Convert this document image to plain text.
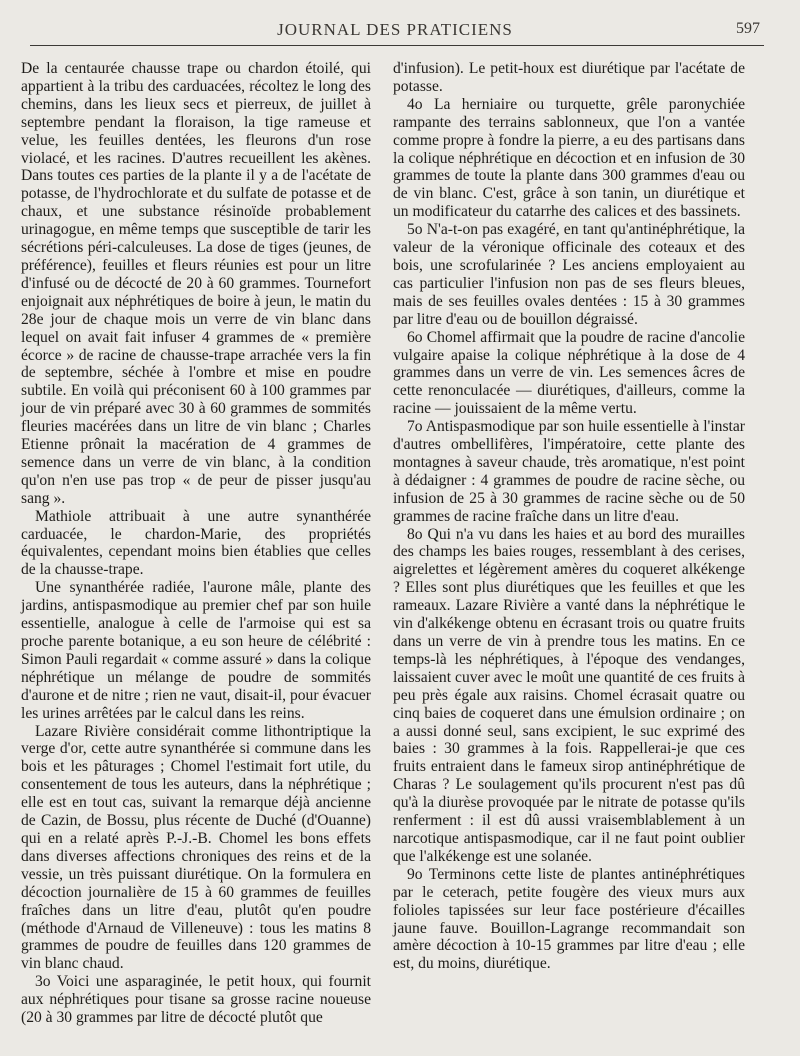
JOURNAL DES PRATICIENS	597

De la centaurée chausse trape ou chardon étoilé, qui appartient à la tribu des carduacées, récoltez le long des chemins, dans les lieux secs et pierreux, de juillet à septembre pendant la floraison, la tige rameuse et velue, les feuilles dentées, les fleurons d'un rose violacé, et les racines. D'autres recueillent les akènes. Dans toutes ces parties de la plante il y a de l'acétate de potasse, de l'hydrochlorate et du sulfate de potasse et de chaux, et une substance résinoïde probablement urinagogue, en même temps que susceptible de tarir les sécrétions péri-calculeuses. La dose de tiges (jeunes, de préférence), feuilles et fleurs réunies est pour un litre d'infusé ou de décocté de 20 à 60 grammes. Tournefort enjoignait aux néphrétiques de boire à jeun, le matin du 28e jour de chaque mois un verre de vin blanc dans lequel on avait fait infuser 4 grammes de « première écorce » de racine de chausse-trape arrachée vers la fin de septembre, séchée à l'ombre et mise en poudre subtile. En voilà qui préconisent 60 à 100 grammes par jour de vin préparé avec 30 à 60 grammes de sommités fleuries macérées dans un litre de vin blanc ; Charles Etienne prônait la macération de 4 grammes de semence dans un verre de vin blanc, à la condition qu'on n'en use pas trop « de peur de pisser jusqu'au sang ».

Mathiole attribuait à une autre synanthérée carduacée, le chardon-Marie, des propriétés équivalentes, cependant moins bien établies que celles de la chausse-trape.

Une synanthérée radiée, l'aurone mâle, plante des jardins, antispasmodique au premier chef par son huile essentielle, analogue à celle de l'armoise qui est sa proche parente botanique, a eu son heure de célébrité : Simon Pauli regardait « comme assuré » dans la colique néphrétique un mélange de poudre de sommités d'aurone et de nitre ; rien ne vaut, disait-il, pour évacuer les urines arrêtées par le calcul dans les reins.

Lazare Rivière considérait comme lithontriptique la verge d'or, cette autre synanthérée si commune dans les bois et les pâturages ; Chomel l'estimait fort utile, du consentement de tous les auteurs, dans la néphrétique ; elle est en tout cas, suivant la remarque déjà ancienne de Cazin, de Bossu, plus récente de Duché (d'Ouanne) qui en a relaté après P.-J.-B. Chomel les bons effets dans diverses affections chroniques des reins et de la vessie, un très puissant diurétique. On la formulera en décoction journalière de 15 à 60 grammes de feuilles fraîches dans un litre d'eau, plutôt qu'en poudre (méthode d'Arnaud de Villeneuve) : tous les matins 8 grammes de poudre de feuilles dans 120 grammes de vin blanc chaud.

3o Voici une asparaginée, le petit houx, qui fournit aux néphrétiques pour tisane sa grosse racine noueuse (20 à 30 grammes par litre de décocté plutôt que

d'infusion). Le petit-houx est diurétique par l'acétate de potasse.

4o La herniaire ou turquette, grêle paronychiée rampante des terrains sablonneux, que l'on a vantée comme propre à fondre la pierre, a eu des partisans dans la colique néphrétique en décoction et en infusion de 30 grammes de toute la plante dans 300 grammes d'eau ou de vin blanc. C'est, grâce à son tanin, un diurétique et un modificateur du catarrhe des calices et des bassinets.

5o N'a-t-on pas exagéré, en tant qu'antinéphrétique, la valeur de la véronique officinale des coteaux et des bois, une scrofularinée ? Les anciens employaient au cas particulier l'infusion non pas de ses fleurs bleues, mais de ses feuilles ovales dentées : 15 à 30 grammes par litre d'eau ou de bouillon dégraissé.

6o Chomel affirmait que la poudre de racine d'ancolie vulgaire apaise la colique néphrétique à la dose de 4 grammes dans un verre de vin. Les semences âcres de cette renonculacée — diurétiques, d'ailleurs, comme la racine — jouissaient de la même vertu.

7o Antispasmodique par son huile essentielle à l'instar d'autres ombellifères, l'impératoire, cette plante des montagnes à saveur chaude, très aromatique, n'est point à dédaigner : 4 grammes de poudre de racine sèche, ou infusion de 25 à 30 grammes de racine sèche ou de 50 grammes de racine fraîche dans un litre d'eau.

8o Qui n'a vu dans les haies et au bord des murailles des champs les baies rouges, ressemblant à des cerises, aigrelettes et légèrement amères du coqueret alkékenge ? Elles sont plus diurétiques que les feuilles et que les rameaux. Lazare Rivière a vanté dans la néphrétique le vin d'alkékenge obtenu en écrasant trois ou quatre fruits dans un verre de vin à prendre tous les matins. En ce temps-là les néphrétiques, à l'époque des vendanges, laissaient cuver avec le moût une quantité de ces fruits à peu près égale aux raisins. Chomel écrasait quatre ou cinq baies de coqueret dans une émulsion ordinaire ; on a aussi donné seul, sans excipient, le suc exprimé des baies : 30 grammes à la fois. Rappellerai-je que ces fruits entraient dans le fameux sirop antinéphrétique de Charas ? Le soulagement qu'ils procurent n'est pas dû qu'à la diurèse provoquée par le nitrate de potasse qu'ils renferment : il est dû aussi vraisemblablement à un narcotique antispasmodique, car il ne faut point oublier que l'alkékenge est une solanée.

9o Terminons cette liste de plantes antinéphrétiques par le ceterach, petite fougère des vieux murs aux folioles tapissées sur leur face postérieure d'écailles jaune fauve. Bouillon-Lagrange recommandait son amère décoction à 10-15 grammes par litre d'eau ; elle est, du moins, diurétique.
